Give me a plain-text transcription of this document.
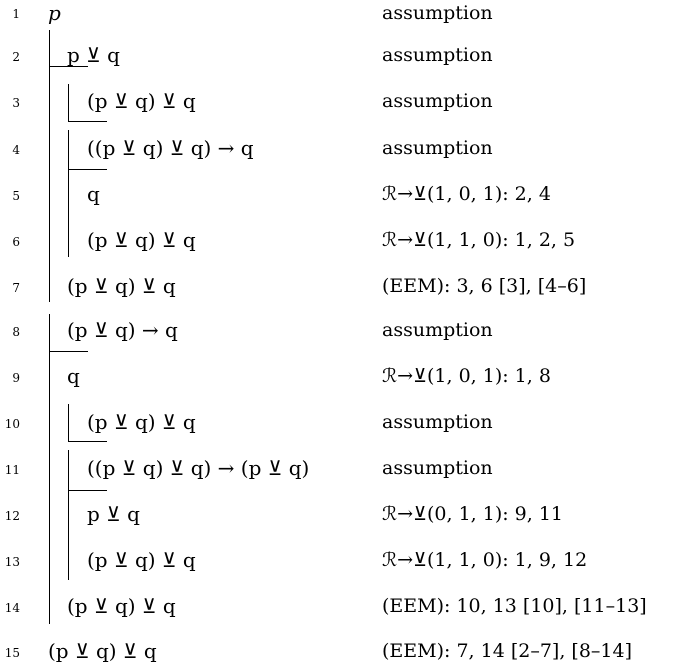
1
2
3
4
5
6
7
8
9
10
11
12
13
14
15
p
p ⊻ q
(p ⊻ q) ⊻ q
((p ⊻ q) ⊻ q) → q
q
(p ⊻ q) ⊻ q
(p ⊻ q) ⊻ q
(p ⊻ q) → q
q
(p ⊻ q) ⊻ q
((p ⊻ q) ⊻ q) → (p ⊻ q)
p ⊻ q
(p ⊻ q) ⊻ q
(p ⊻ q) ⊻ q
(p ⊻ q) ⊻ q
assumption
assumption
assumption
assumption
ℛ→⊻(1, 0, 1): 2, 4
ℛ→⊻(1, 1, 0): 1, 2, 5
(EEM): 3, 6 [3], [4–6]
assumption
ℛ→⊻(1, 0, 1): 1, 8
assumption
assumption
ℛ→⊻(0, 1, 1): 9, 11
ℛ→⊻(1, 1, 0): 1, 9, 12
(EEM): 10, 13 [10], [11–13]
(EEM): 7, 14 [2–7], [8–14]
